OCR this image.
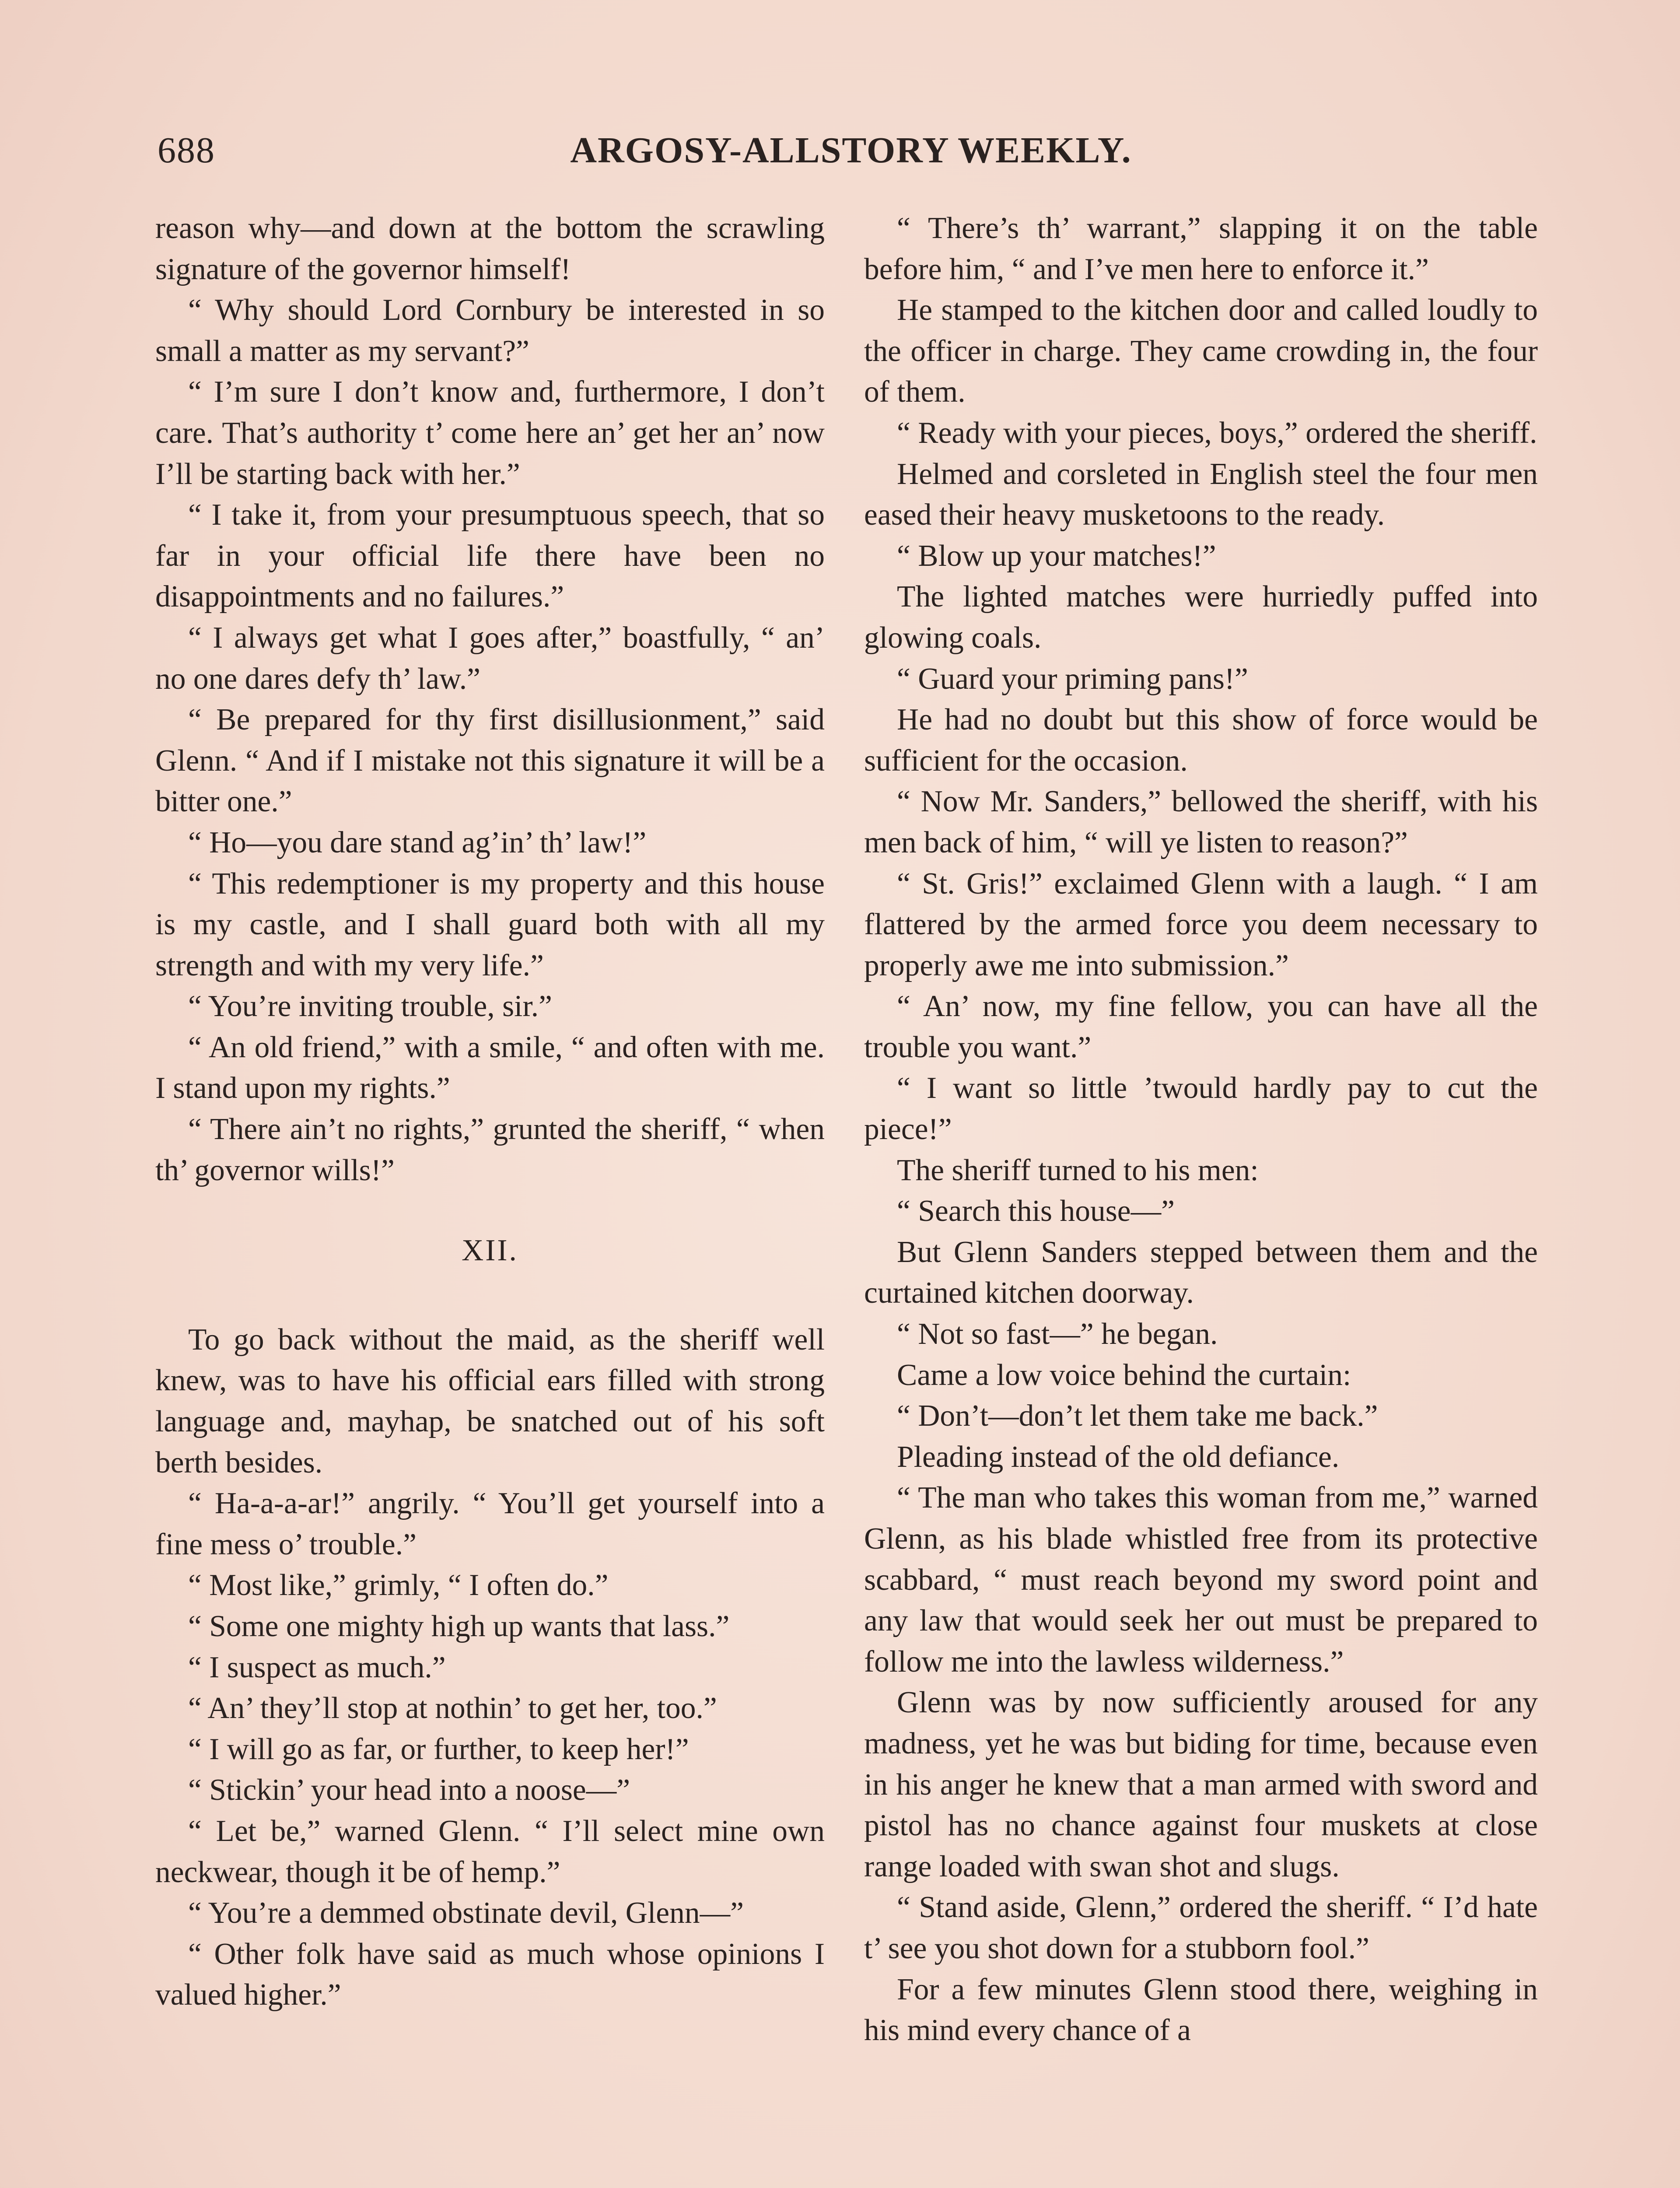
688	ARGOSY-ALLSTORY WEEKLY.

reason why—and down at the bottom the scrawling signature of the governor himself!

“ Why should Lord Cornbury be interested in so small a matter as my servant?”

“ I’m sure I don’t know and, furthermore, I don’t care. That’s authority t’ come here an’ get her an’ now I’ll be starting back with her.”

“ I take it, from your presumptuous speech, that so far in your official life there have been no disappointments and no failures.”

“ I always get what I goes after,” boastfully, “ an’ no one dares defy th’ law.”

“ Be prepared for thy first disillusionment,” said Glenn. “ And if I mistake not this signature it will be a bitter one.”

“ Ho—you dare stand ag’in’ th’ law!”

“ This redemptioner is my property and this house is my castle, and I shall guard both with all my strength and with my very life.”

“ You’re inviting trouble, sir.”

“ An old friend,” with a smile, “ and often with me. I stand upon my rights.”

“ There ain’t no rights,” grunted the sheriff, “ when th’ governor wills!”

XII.

To go back without the maid, as the sheriff well knew, was to have his official ears filled with strong language and, mayhap, be snatched out of his soft berth besides.

“ Ha-a-a-ar!” angrily. “ You’ll get yourself into a fine mess o’ trouble.”

“ Most like,” grimly, “ I often do.”

“ Some one mighty high up wants that lass.”

“ I suspect as much.”

“ An’ they’ll stop at nothin’ to get her, too.”

“ I will go as far, or further, to keep her!”

“ Stickin’ your head into a noose—”

“ Let be,” warned Glenn. “ I’ll select mine own neckwear, though it be of hemp.”

“ You’re a demmed obstinate devil, Glenn—”

“ Other folk have said as much whose opinions I valued higher.”

“ There’s th’ warrant,” slapping it on the table before him, “ and I’ve men here to enforce it.”

He stamped to the kitchen door and called loudly to the officer in charge. They came crowding in, the four of them.

“ Ready with your pieces, boys,” ordered the sheriff.

Helmed and corsleted in English steel the four men eased their heavy musketoons to the ready.

“ Blow up your matches!”

The lighted matches were hurriedly puffed into glowing coals.

“ Guard your priming pans!”

He had no doubt but this show of force would be sufficient for the occasion.

“ Now Mr. Sanders,” bellowed the sheriff, with his men back of him, “ will ye listen to reason?”

“ St. Gris!” exclaimed Glenn with a laugh. “ I am flattered by the armed force you deem necessary to properly awe me into submission.”

“ An’ now, my fine fellow, you can have all the trouble you want.”

“ I want so little ’twould hardly pay to cut the piece!”

The sheriff turned to his men:

“ Search this house—”

But Glenn Sanders stepped between them and the curtained kitchen doorway.

“ Not so fast—” he began.

Came a low voice behind the curtain:

“ Don’t—don’t let them take me back.”

Pleading instead of the old defiance.

“ The man who takes this woman from me,” warned Glenn, as his blade whistled free from its protective scabbard, “ must reach beyond my sword point and any law that would seek her out must be prepared to follow me into the lawless wilderness.”

Glenn was by now sufficiently aroused for any madness, yet he was but biding for time, because even in his anger he knew that a man armed with sword and pistol has no chance against four muskets at close range loaded with swan shot and slugs.

“ Stand aside, Glenn,” ordered the sheriff. “ I’d hate t’ see you shot down for a stubborn fool.”

For a few minutes Glenn stood there, weighing in his mind every chance of a
